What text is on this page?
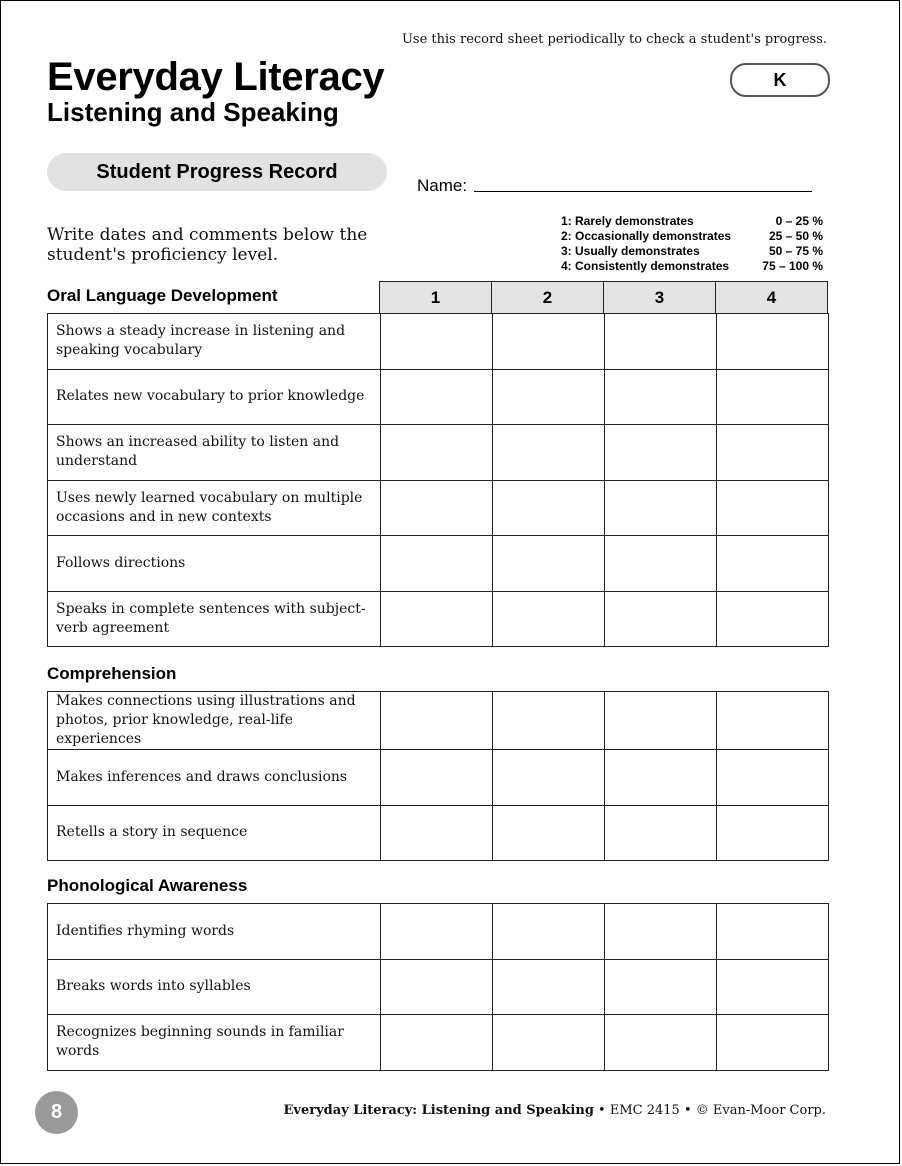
Use this record sheet periodically to check a student's progress.
Everyday Literacy
Listening and Speaking
K
Student Progress Record
Name:
Write dates and comments below the student's proficiency level.
1: Rarely demonstrates	0 – 25 %
2: Occasionally demonstrates	25 – 50 %
3: Usually demonstrates	50 – 75 %
4: Consistently demonstrates	75 – 100 %
1	2	3	4
Oral Language Development
Shows a steady increase in listening and speaking vocabulary				
Relates new vocabulary to prior knowledge				
Shows an increased ability to listen and understand				
Uses newly learned vocabulary on multiple occasions and in new contexts				
Follows directions				
Speaks in complete sentences with subject-verb agreement				
Comprehension
Makes connections using illustrations and photos, prior knowledge, real-life experiences				
Makes inferences and draws conclusions				
Retells a story in sequence				
Phonological Awareness
Identifies rhyming words				
Breaks words into syllables				
Recognizes beginning sounds in familiar words				
8	Everyday Literacy: Listening and Speaking • EMC 2415 • © Evan-Moor Corp.
